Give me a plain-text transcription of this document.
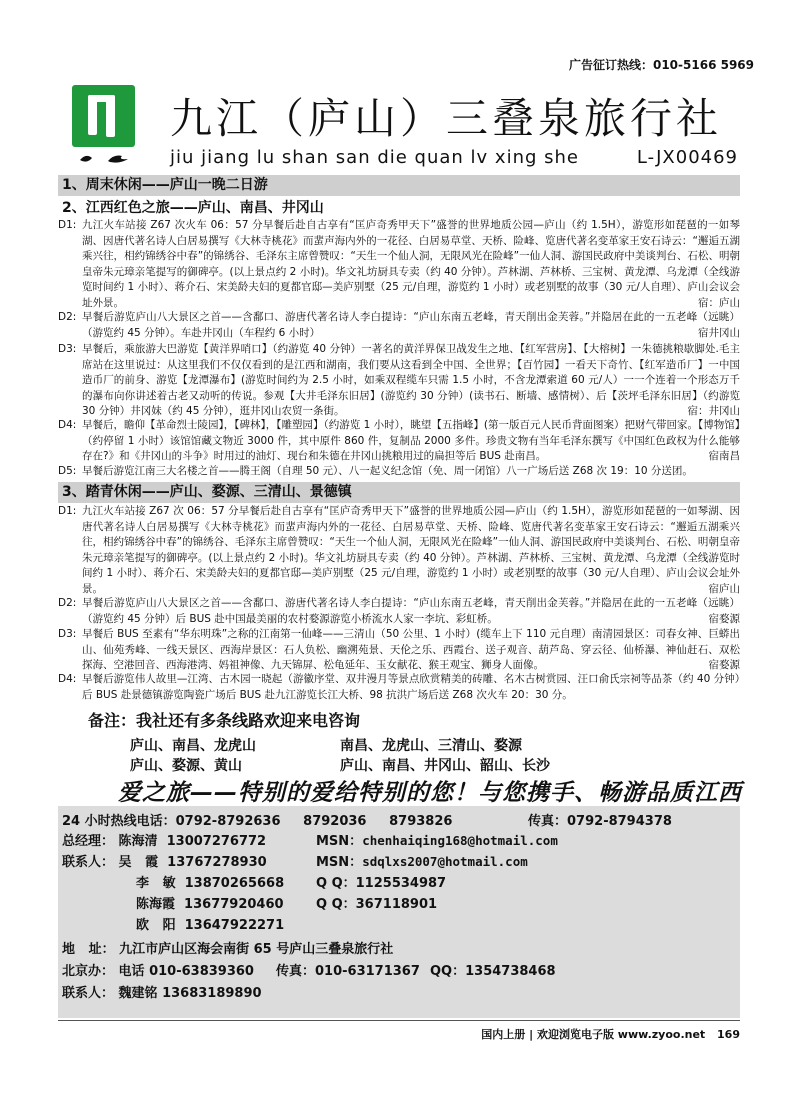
广告征订热线：010-5166 5969
九江（庐山）三叠泉旅行社
jiu jiang lu shan san die quan lv xing she	L-JX00469
1、周末休闲——庐山一晚二日游
2、江西红色之旅——庐山、南昌、井冈山
D1: 九江火车站接 Z67 次火车 06：57 分早餐后赴自古享有“匡庐奇秀甲天下”盛誉的世界地质公园—庐山（约 1.5H），游览形如琵琶的一如琴湖、因唐代著名诗人白居易撰写《大林寺桃花》而蜚声海内外的一花径、白居易草堂、天桥、险峰、览唐代著名变革家王安石诗云：“邂逅五湖乘兴往，相约锦绣谷中春”的锦绣谷、毛泽东主席曾赞叹：“天生一个仙人洞，无限风光在险峰”一仙人洞、游国民政府中美谈判台、石松、明朝皇帝朱元璋亲笔提写的御碑亭。(以上景点约 2 小时)。华文礼坊厨具专卖（约 40 分钟）。芦林湖、芦林桥、三宝树、黄龙潭、乌龙潭（全线游览时间约 1 小时）、蒋介石、宋美龄夫妇的夏都官邸—美庐别墅（25 元/自理，游览约 1 小时）或老别墅的故事（30 元/人自理）、庐山会议会址外景。	宿：庐山
D2: 早餐后游览庐山八大景区之首——含鄱口、游唐代著名诗人李白提诗：“庐山东南五老峰，青天削出金芙蓉。”并隐居在此的一五老峰（远眺）（游览约 45 分钟）。车赴井冈山（车程约 6 小时）	宿井冈山
D3: 早餐后，乘旅游大巴游览【黄洋界哨口】（约游览 40 分钟）一著名的黄洋界保卫战发生之地、【红军营房】、【大榕树】一朱德挑粮歇脚处.毛主席站在这里说过：从这里我们不仅仅看到的是江西和湖南，我们要从这看到全中国、全世界；【百竹园】一看天下奇竹、【红军造币厂】一中国造币厂的前身、游览【龙潭瀑布】(游览时间约为 2.5 小时，如乘双程缆车只需 1.5 小时，不含龙潭索道 60 元/人）一一个连着一个形态万千的瀑布向你讲述着古老又动听的传说。参观【大井毛泽东旧居】(游览约 30 分钟）(读书石、断墙、感情树）、后【茨坪毛泽东旧居】（约游览 30 分钟）井冈妹（约 45 分钟），逛井冈山农贸一条街。	宿：井冈山
D4: 早餐后，瞻仰【革命烈士陵园】，【碑林】，【雕塑园】（约游览 1 小时），眺望【五指峰】(第一版百元人民币背面图案）把财气带回家。【博物馆】（约停留 1 小时）该馆馆藏文物近 3000 件，其中原件 860 件，复制品 2000 多件。珍贵文物有当年毛泽东撰写《中国红色政权为什么能够存在?》和《井冈山的斗争》时用过的油灯、现台和朱德在井冈山挑粮用过的扁担等后 BUS 赴南昌。	宿南昌
D5: 早餐后游览江南三大名楼之首——腾王阁（自理 50 元）、八一起义纪念馆（免、周一闭馆）八一广场后送 Z68 次 19：10 分送团。
3、踏青休闲——庐山、婺源、三清山、景德镇
D1: 九江火车站接 Z67 次 06：57 分早餐后赴自古享有“匡庐奇秀甲天下”盛誉的世界地质公园—庐山（约 1.5H），游览形如琵琶的一如琴湖、因唐代著名诗人白居易撰写《大林寺桃花》而蜚声海内外的一花径、白居易草堂、天桥、险峰、览唐代著名变革家王安石诗云：“邂逅五湖乘兴往，相约锦绣谷中春”的锦绣谷、毛泽东主席曾赞叹：“天生一个仙人洞，无限风光在险峰”一仙人洞、游国民政府中美谈判台、石松、明朝皇帝朱元璋亲笔提写的御碑亭。(以上景点约 2 小时)。华文礼坊厨具专卖（约 40 分钟）。芦林湖、芦林桥、三宝树、黄龙潭、乌龙潭（全线游览时间约 1 小时）、蒋介石、宋美龄夫妇的夏都官邸—美庐别墅（25 元/自理，游览约 1 小时）或老别墅的故事（30 元/人自理）、庐山会议会址外景。	宿庐山
D2: 早餐后游览庐山八大景区之首——含鄱口、游唐代著名诗人李白提诗：“庐山东南五老峰，青天削出金芙蓉。”并隐居在此的一五老峰（远眺）（游览约 45 分钟）后 BUS 赴中国最美丽的农村婺源游览小桥流水人家一李坑、彩虹桥。	宿婺源
D3: 早餐后 BUS 至素有“华东明珠”之称的江南第一仙峰——三清山（50 公里、1 小时）(缆车上下 110 元自理）南清园景区：司春女神、巨蟒出山、仙苑秀峰、一线天景区、西海岸景区：石人负松、幽溯苑景、天伦之乐、西霞台、送子观音、葫芦岛、穿云径、仙桥瀑、神仙赶石、双松探海、空港回音、西海港湾、妈祖神像、九天锦屏、松龟延年、玉女献花、猴王观宝、狮身人面像。	宿婺源
D4: 早餐后游览伟人故里—江湾、古木园一晓起（游徽序堂、双井漫月等景点欣赏精美的砖雕、名木古树赏园、汪口俞氏宗祠等品茶（约 40 分钟）后 BUS 赴景德镇游览陶瓷广场后 BUS 赴九江游览长江大桥、98 抗洪广场后送 Z68 次火车 20：30 分。
备注：我社还有多条线路欢迎来电咨询
庐山、南昌、龙虎山	南昌、龙虎山、三清山、婺源
庐山、婺源、黄山	庐山、南昌、井冈山、韶山、长沙
爱之旅——特别的爱给特别的您！与您携手、畅游品质江西
24 小时热线电话：0792-8792636     8792036     8793826	传真：0792-8794378
总经理： 陈海清  13007276772	MSN：chenhaiqing168@hotmail.com
联系人： 吴   霞  13767278930	MSN：sdqlxs2007@hotmail.com
李   敏  13870265668 Q Q：1125534987
陈海霞  13677920460 Q Q：367118901
欧   阳  13647922271
地   址： 九江市庐山区海会南街 65 号庐山三叠泉旅行社
北京办： 电话 010-63839360 传真：010-63171367 QQ：1354738468
联系人： 魏建铭 13683189890
国内上册 | 欢迎浏览电子版 www.zyoo.net 169
